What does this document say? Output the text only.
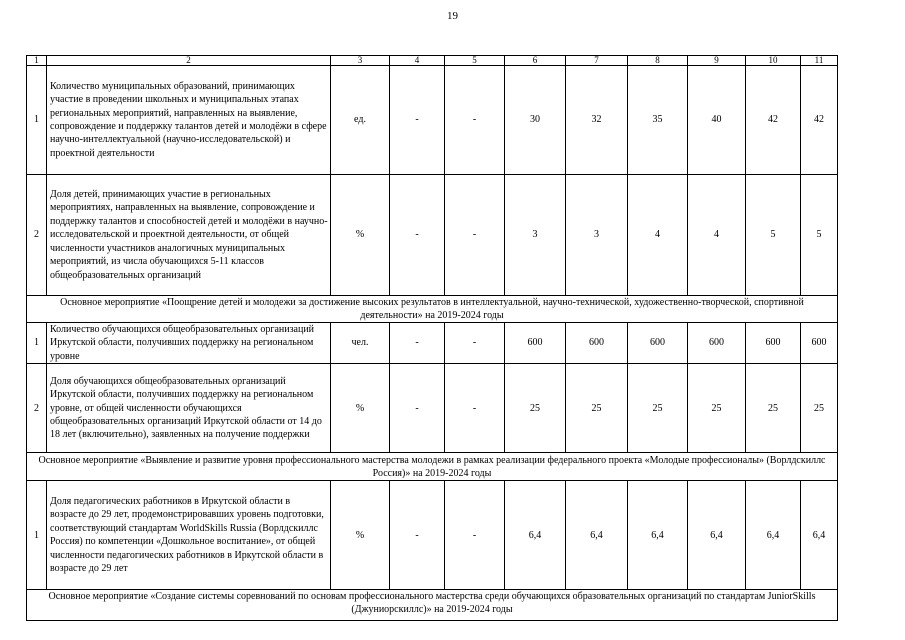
19
1	2	3	4	5	6	7	8	9	10	11
1	Количество муниципальных образований, принимающих участие в проведении школьных и муниципальных этапах региональных мероприятий, направленных на выявление, сопровождение и поддержку талантов детей и молодёжи в сфере научно-интеллектуальной (научно-исследовательской) и проектной деятельности	ед.	-	-	30	32	35	40	42	42
2	Доля детей, принимающих участие в региональных мероприятиях, направленных на выявление, сопровождение и поддержку талантов и способностей детей и молодёжи в научно-исследовательской и проектной деятельности, от общей численности участников аналогичных муниципальных мероприятий, из числа обучающихся 5-11 классов общеобразовательных организаций	%	-	-	3	3	4	4	5	5
Основное мероприятие «Поощрение детей и молодежи за достижение высоких результатов в интеллектуальной, научно-технической, художественно-творческой, спортивной деятельности» на 2019-2024 годы										
1	Количество обучающихся общеобразовательных организаций Иркутской области, получивших поддержку на региональном уровне	чел.	-	-	600	600	600	600	600	600
2	Доля обучающихся общеобразовательных организаций Иркутской области, получивших поддержку на региональном уровне, от общей численности обучающихся общеобразовательных организаций Иркутской области от 14 до 18 лет (включительно), заявленных на получение поддержки	%	-	-	25	25	25	25	25	25
Основное мероприятие «Выявление и развитие уровня профессионального мастерства молодежи в рамках реализации федерального проекта «Молодые профессионалы» (Ворлдскиллс Россия)» на 2019-2024 годы										
1	Доля педагогических работников в Иркутской области в возрасте до 29 лет, продемонстрировавших уровень подготовки, соответствующий стандартам WorldSkills Russia (Ворлдскиллс Россия) по компетенции «Дошкольное воспитание», от общей численности педагогических работников в Иркутской области в возрасте до 29 лет	%	-	-	6,4	6,4	6,4	6,4	6,4	6,4
Основное мероприятие «Создание системы соревнований по основам профессионального мастерства среди обучающихся образовательных организаций по стандартам JuniorSkills (Джуниорскиллс)» на 2019-2024 годы										
